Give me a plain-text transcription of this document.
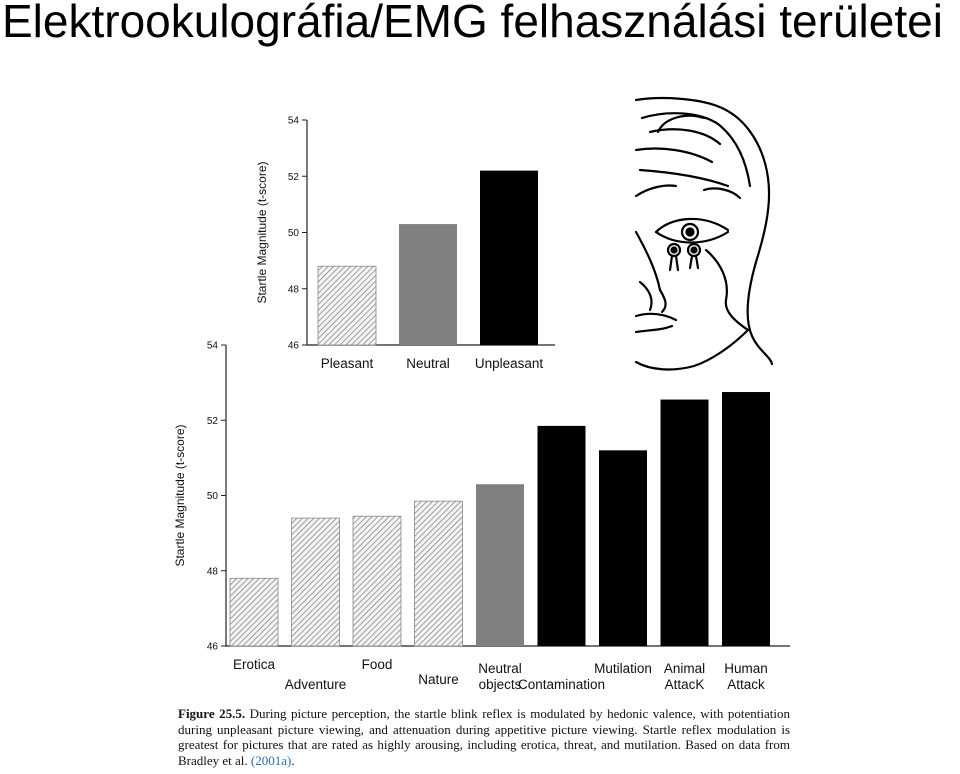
Elektrookulográfia/EMG felhasználási területei
46
48
50
52
54
Startle Magnitude (t-score)
Pleasant Neutral Unpleasant
46
48
50
52
54
Startle Magnitude (t-score)
Erotica
Adventure
Food
Nature
Neutral objects
Contamination
Mutilation Animal AttacK
Human Attack
Figure 25.5. During picture perception, the startle blink reflex is modulated by hedonic valence, with potentiation during unpleasant picture viewing, and attenuation during appetitive picture viewing. Startle reflex modulation is greatest for pictures that are rated as highly arousing, including erotica, threat, and mutilation. Based on data from Bradley et al. (2001a).
